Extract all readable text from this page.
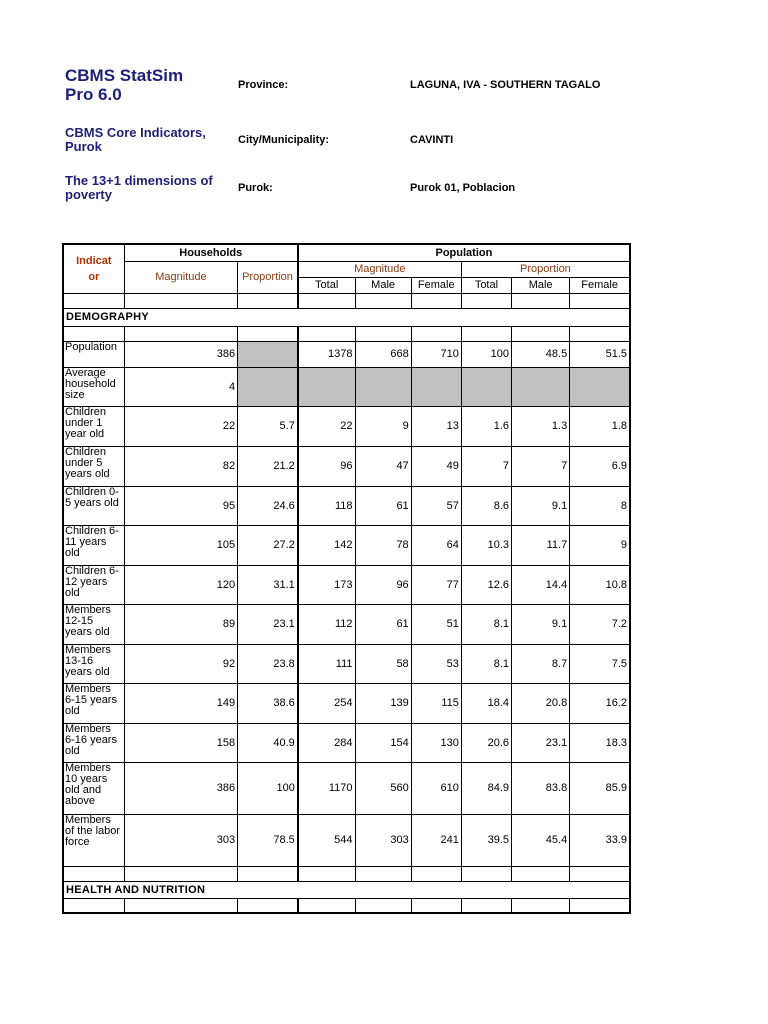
CBMS StatSim Pro 6.0
CBMS Core Indicators, Purok
The 13+1 dimensions of poverty
Province:	LAGUNA, IVA - SOUTHERN TAGALO
City/Municipality:	CAVINTI
Purok:	Purok 01, Poblacion
Indicat
or	Households		Population					
	Magnitude	Proportion	Magnitude			Proportion		
			Total	Male	Female	Total	Male	Female

DEMOGRAPHY								

Population	386		1378	668	710	100	48.5	51.5
Average household size	4							
Children under 1 year old	22	5.7	22	9	13	1.6	1.3	1.8
Children under 5 years old	82	21.2	96	47	49	7	7	6.9
Children 0-5 years old	95	24.6	118	61	57	8.6	9.1	8
Children 6-11 years old	105	27.2	142	78	64	10.3	11.7	9
Children 6-12 years old	120	31.1	173	96	77	12.6	14.4	10.8
Members 12-15 years old	89	23.1	112	61	51	8.1	9.1	7.2
Members 13-16 years old	92	23.8	111	58	53	8.1	8.7	7.5
Members 6-15 years old	149	38.6	254	139	115	18.4	20.8	16.2
Members 6-16 years old	158	40.9	284	154	130	20.6	23.1	18.3
Members 10 years old and above	386	100	1170	560	610	84.9	83.8	85.9
Members of the labor force	303	78.5	544	303	241	39.5	45.4	33.9

HEALTH AND NUTRITION								
